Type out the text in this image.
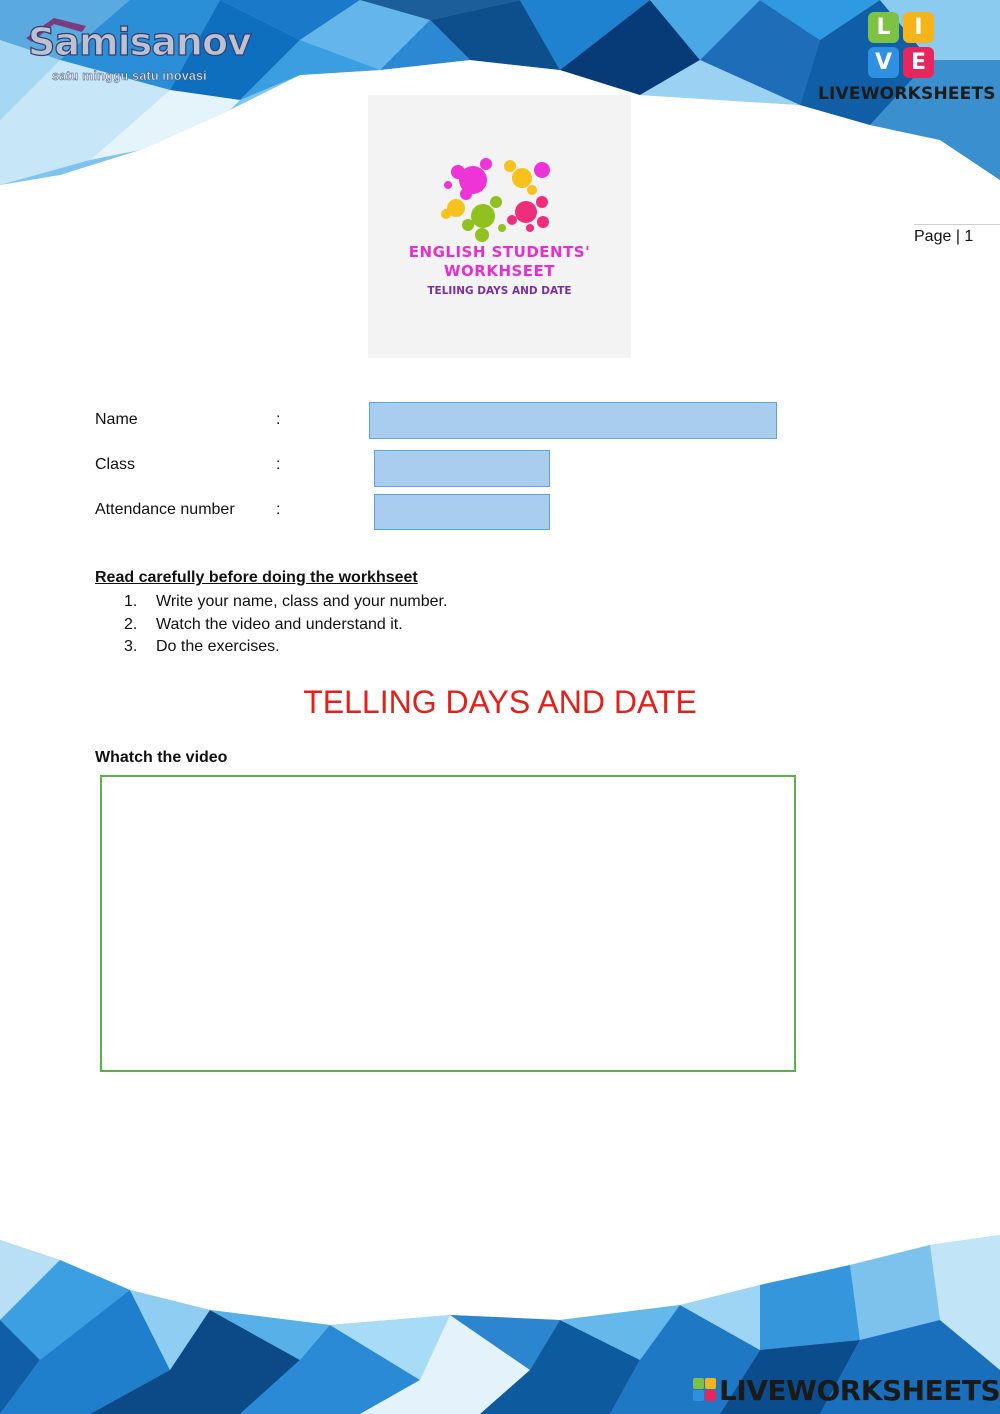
Samisanov
satu minggu satu inovasi
L	I
V E
LIVEWORKSHEETS
Page | 1
ENGLISH STUDENTS'
WORKHSEET
TELIING DAYS AND DATE
Name	:
Class	:
Attendance number	:
Read carefully before doing the workhseet
1. Write your name, class and your number.
2. Watch the video and understand it.
3. Do the exercises.
TELLING DAYS AND DATE
Whatch the video
LIVEWORKSHEETS
